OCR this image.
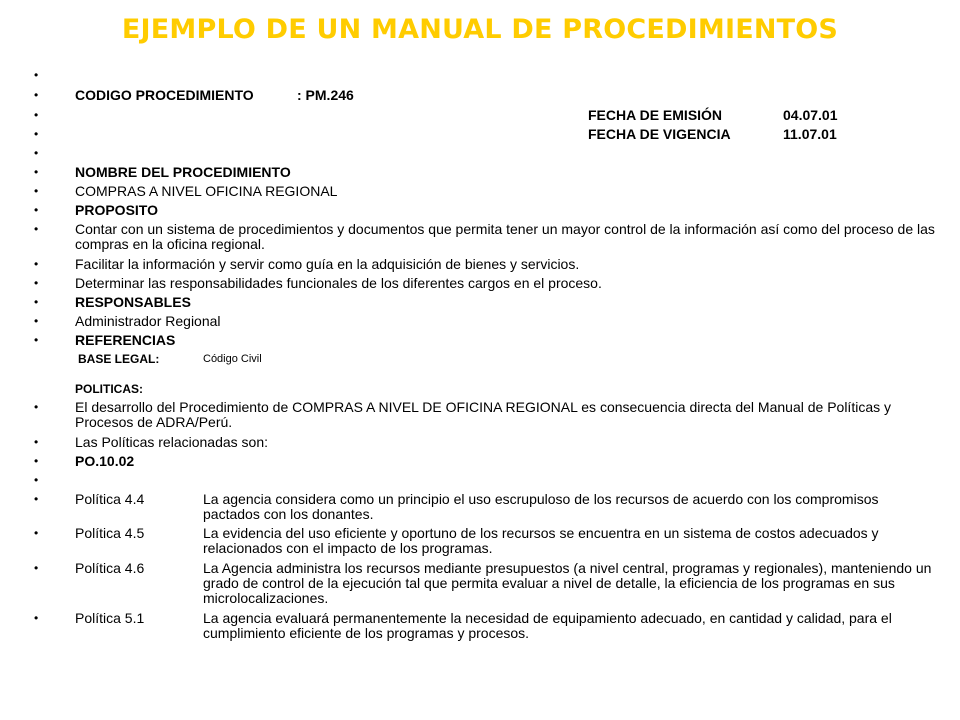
EJEMPLO DE UN MANUAL DE PROCEDIMIENTOS
•
•	CODIGO PROCEDIMIENTO	: PM.246
•	FECHA DE EMISIÓN	04.07.01
•	FECHA DE VIGENCIA	11.07.01
•
•	NOMBRE DEL PROCEDIMIENTO
•	COMPRAS A NIVEL OFICINA REGIONAL
•	PROPOSITO
•	Contar con un sistema de procedimientos y documentos que permita tener un mayor control de la información así como del proceso de las compras en la oficina regional.
•	Facilitar la información y servir como guía en la adquisición de bienes y servicios.
•	Determinar las responsabilidades funcionales de los diferentes cargos en el proceso.
•	RESPONSABLES
•	Administrador Regional
•	REFERENCIAS
BASE LEGAL:	Código Civil
POLITICAS:
•	El desarrollo del Procedimiento de COMPRAS A NIVEL DE OFICINA REGIONAL es consecuencia directa del Manual de Políticas y Procesos de ADRA/Perú.
•	Las Políticas relacionadas son:
•	PO.10.02
•
•	Política 4.4	La agencia considera como un principio el uso escrupuloso de los recursos de acuerdo con los compromisos pactados con los donantes.
•	Política 4.5	La evidencia del uso eficiente y oportuno de los recursos se encuentra en un sistema de costos adecuados y relacionados con el impacto de los programas.
•	Política 4.6	La Agencia administra los recursos mediante presupuestos (a nivel central, programas y regionales), manteniendo un grado de control de la ejecución tal que permita evaluar a nivel de detalle, la eficiencia de los programas en sus microlocalizaciones.
•	Política 5.1	La agencia evaluará permanentemente la necesidad de equipamiento adecuado, en cantidad y calidad, para el cumplimiento eficiente de los programas y procesos.
